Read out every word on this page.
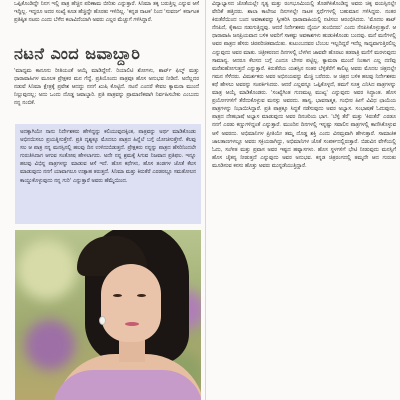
ಒಪ್ಪಿಕೊಂಡಿದ್ದೇ ನಿನಗ ಇಲ್ಲಿ ಪಾತ್ರ ಹೆಚ್ಚಿನ ಪರಿಣಾಮ ಬೀರಿತು ಎನ್ನುತ್ತಾರೆ. ಸಿನಿಮಾ ತಕ್ಕ ಬರುತ್ತಿಲ್ಲ ಎನ್ನುವ ಆಸೆ ಇದ್ದಿಲ್ಲ. ಇದ್ದರೂ ಅದರ ಸಂಖ್ಯೆ ಕೂಡ ಹೆಚ್ಚಿದ್ದೇ ಹೊರತು ಇಳಿದಿಲ್ಲ. 'ಕನ್ನಡ ನಾಟಕ' ನಿಂದ 'ಸುವರ್ಣ' ಕರ್ನಾಟಕ ಪ್ರತಿಷ್ಠಿತ ನಟರು ಎಂದು ಬೆಳೆದ ಕಲಾವಿದೆಯಾಗಿ ಅವರು ಎಲ್ಲರ ಮೆಚ್ಚುಗೆ ಗಳಿಸಿದ್ದಾರೆ.
ನಟನೆ ಎಂದ ಜವಾಬ್ದಾರಿ
'ಮಾಧ್ಯಮ ಕಾನೂನು ರೀತಿಯಂತೆ ಆಯ್ಕೆ ಮಾಡಿದ್ದೇನೆ. ರಿಯಾಲಿಟಿ ಶೋಗಳು, ಶಾರ್ಟ್ ಫಿಲ್ಮ್ ಮತ್ತು ಧಾರಾವಾಹಿಗಳ ಮೂಲಕ ಪ್ರೇಕ್ಷಕರ ಮನ ಗೆದ್ದೆ. ಪ್ರತಿಯೊಂದು ಪಾತ್ರವೂ ಹೊಸ ಅನುಭವ ನೀಡಿದೆ. ಅದೆಲ್ಲದರ ನಡುವೆ ಸಿನಿಮಾ ಕ್ಷೇತ್ರಕ್ಕೆ ಪ್ರವೇಶ ಆದದ್ದು ನನಗೆ ಖುಷಿ ಕೊಟ್ಟಿದೆ. ನಟನೆ ಎಂದರೆ ಕೇವಲ ಕ್ಯಾಮರಾ ಮುಂದೆ ನಿಲ್ಲುವುದಲ್ಲ; ಅದು ಒಂದು ದೊಡ್ಡ ಜವಾಬ್ದಾರಿ. ಪ್ರತಿ ಪಾತ್ರವನ್ನು ಪ್ರಾಮಾಣಿಕವಾಗಿ ನಿರ್ವಹಿಸಬೇಕು ಎಂಬುದು ನನ್ನ ನಂಬಿಕೆ.
ಅದಕ್ಕಾಗಿಯೇ ನಾನು ನಿರ್ದೇಶಕರು ಹೇಳಿದ್ದನ್ನು ಕಲಿಯುವುದಕ್ಕಿಂತ, ಪಾತ್ರವನ್ನು ಅರ್ಥ ಮಾಡಿಕೊಂಡು ಅಭಿನಯಿಸಲು ಪ್ರಯತ್ನಿಸುತ್ತೇನೆ. ಪ್ರತಿ ದೃಶ್ಯಕ್ಕೂ ಮೊದಲು ಪಾತ್ರದ ಹಿನ್ನೆಲೆ ಬಗ್ಗೆ ಯೋಚಿಸುತ್ತೇನೆ. ಕೆಲವು ಸಲ ಆ ಪಾತ್ರ ನನ್ನ ಮನಸ್ಸಿನಲ್ಲಿ ಹಲವು ದಿನ ಉಳಿದುಬಿಡುತ್ತದೆ. ಪ್ರೇಕ್ಷಕರು ನನ್ನನ್ನು ಪಾತ್ರದ ಹೆಸರಿನಿಂದಲೇ ಗುರುತಿಸಿದಾಗ ಆಗುವ ಸಂತೋಷ ಹೇಳಲಾಗದು. ಅದೇ ನನ್ನ ಶ್ರಮಕ್ಕೆ ಸಿಗುವ ನಿಜವಾದ ಪ್ರತಿಫಲ. ಇನ್ನೂ ಹಲವು ವಿಭಿನ್ನ ಪಾತ್ರಗಳನ್ನು ಮಾಡುವ ಆಸೆ ಇದೆ. ಹೊಸ ಕಥೆಗಳು, ಹೊಸ ತಂಡಗಳ ಜೊತೆ ಕೆಲಸ ಮಾಡುವುದು ನನಗೆ ಯಾವಾಗಲೂ ಉತ್ಸಾಹ ತರುತ್ತದೆ. ಸಿನಿಮಾ ಮತ್ತು ಕಿರುತೆರೆ ಎರಡರಲ್ಲೂ ಸಮತೋಲನ ಕಾಯ್ದುಕೊಳ್ಳುವುದು ನನ್ನ ಗುರಿ' ಎನ್ನುತ್ತಾರೆ ಅವರು ಹೆಮ್ಮೆಯಿಂದ.
ವಿದ್ಯಾಭ್ಯಾಸದ ಜೊತೆಯಲ್ಲೇ ನೃತ್ಯ ಮತ್ತು ರಂಗಭೂಮಿಯಲ್ಲಿ ತೊಡಗಿಸಿಕೊಂಡಿದ್ದ ಅವರು ಚಿಕ್ಕ ವಯಸ್ಸಿನಲ್ಲೇ ವೇದಿಕೆ ಹತ್ತಿದರು. ಶಾಲಾ ಕಾಲೇಜು ದಿನಗಳಲ್ಲೇ ನಾಟಕ ಸ್ಪರ್ಧೆಗಳಲ್ಲಿ ಬಹುಮಾನ ಗಳಿಸಿದ್ದರು. ನಂತರ ಕಿರುತೆರೆಯಿಂದ ಬಂದ ಅವಕಾಶವನ್ನು ಸ್ವೀಕರಿಸಿ ಧಾರಾವಾಹಿಯಲ್ಲಿ ನಟಿಸಲು ಆರಂಭಿಸಿದರು. 'ಮೊದಲ ಶಾಟ್ ನೆನಪಿದೆ, ಕೈಕಾಲು ನಡುಗುತ್ತಿದ್ದವು. ಆದರೆ ನಿರ್ದೇಶಕರು ಧೈರ್ಯ ತುಂಬಿದರು' ಎಂದು ನೆನಪಿಸಿಕೊಳ್ಳುತ್ತಾರೆ. ಆ ಧಾರಾವಾಹಿ ಜನಪ್ರಿಯವಾದ ಬಳಿಕ ಅವರಿಗೆ ಸಾಕಷ್ಟು ಅವಕಾಶಗಳು ಹುಡುಕಿಕೊಂಡು ಬಂದವು. ಮನೆ ಮನೆಗಳಲ್ಲಿ ಅವರ ಪಾತ್ರದ ಹೆಸರು ಚಿರಪರಿಚಿತವಾಯಿತು. ಕುಟುಂಬದವರ ಬೆಂಬಲ ಇಲ್ಲದಿದ್ದರೆ ಇದೆಲ್ಲ ಸಾಧ್ಯವಾಗುತ್ತಿರಲಿಲ್ಲ ಎನ್ನುವುದು ಅವರ ಮಾತು. ಚಿತ್ರೀಕರಣದ ದಿನಗಳಲ್ಲಿ ಬೆಳಗಿನ ಜಾವವೇ ಹೊರಟು ತಡರಾತ್ರಿ ಮನೆಗೆ ಮರಳುವುದು ಸಾಮಾನ್ಯ. ಆದರೂ ಕೆಲಸದ ಬಗ್ಗೆ ಎಂದೂ ಬೇಸರ ಪಟ್ಟಿಲ್ಲ. ಕ್ಯಾಮರಾ ಮುಂದೆ ನಿಂತಾಗ ಎಲ್ಲ ದಣಿವು ಮರೆತುಹೋಗುತ್ತದೆ ಎನ್ನುತ್ತಾರೆ. ಕಿರುತೆರೆಯ ಯಶಸ್ಸಿನ ನಂತರ ಬೆಳ್ಳಿತೆರೆಗೆ ಕಾಲಿಟ್ಟ ಅವರು ಮೊದಲ ಚಿತ್ರದಲ್ಲೇ ಗಮನ ಸೆಳೆದರು. ವಿಮರ್ಶಕರು ಅವರ ಅಭಿನಯವನ್ನು ಮೆಚ್ಚಿ ಬರೆದರು. ಆ ಚಿತ್ರದ ಬಳಿಕ ಹಲವು ನಿರ್ದೇಶಕರು ಕಥೆ ಹೇಳಲು ಅವರನ್ನು ಸಂಪರ್ಕಿಸಿದರು. ಆದರೆ ಎಲ್ಲವನ್ನೂ ಒಪ್ಪಿಕೊಳ್ಳದೆ, ತಮಗೆ ಸೂಕ್ತ ಎನಿಸಿದ ಪಾತ್ರಗಳನ್ನು ಮಾತ್ರ ಆಯ್ಕೆ ಮಾಡಿಕೊಂಡರು. 'ಸಂಖ್ಯೆಗಿಂತ ಗುಣಮಟ್ಟ ಮುಖ್ಯ' ಎನ್ನುವುದು ಅವರ ಸಿದ್ಧಾಂತ. ಹೊಸ ಪ್ರಯೋಗಗಳಿಗೆ ತೆರೆದುಕೊಳ್ಳುವ ಮನಸ್ಸು ಅವರದು. ಹಾಸ್ಯ, ಭಾವನಾತ್ಮಕ, ಗಂಭೀರ ಹೀಗೆ ವಿವಿಧ ಛಾಯೆಯ ಪಾತ್ರಗಳನ್ನು ನಿಭಾಯಿಸಿದ್ದಾರೆ. ಪ್ರತಿ ಪಾತ್ರಕ್ಕೂ ಸಿದ್ಧತೆ ನಡೆಸುವುದು ಅವರ ಅಭ್ಯಾಸ. ಸಂಭಾಷಣೆ ಓದುವುದು, ಪಾತ್ರದ ದೇಹಭಾಷೆ ಅಭ್ಯಾಸ ಮಾಡುವುದು ಅವರ ದಿನಚರಿಯ ಭಾಗ. 'ಬೆಳ್ಳಿ ತೆರೆ' ಮತ್ತು 'ಕಿರುತೆರೆ' ಎರಡೂ ನನಗೆ ಎರಡು ಕಣ್ಣುಗಳಿದ್ದಂತೆ ಎನ್ನುತ್ತಾರೆ. ಮುಂದಿನ ದಿನಗಳಲ್ಲಿ ಇನ್ನಷ್ಟು ಸವಾಲಿನ ಪಾತ್ರಗಳಲ್ಲಿ ಕಾಣಿಸಿಕೊಳ್ಳುವ ಆಸೆ ಅವರದು. ಅಭಿಮಾನಿಗಳ ಪ್ರೀತಿಯೇ ತಮ್ಮ ದೊಡ್ಡ ಶಕ್ತಿ ಎಂದು ವಿನಮ್ರವಾಗಿ ಹೇಳುತ್ತಾರೆ. ಸಾಮಾಜಿಕ ಜಾಲತಾಣಗಳಲ್ಲೂ ಅವರು ಸಕ್ರಿಯರಾಗಿದ್ದು, ಅಭಿಮಾನಿಗಳ ಜೊತೆ ಸಂಪರ್ಕದಲ್ಲಿರುತ್ತಾರೆ. ಬಿಡುವಿನ ವೇಳೆಯಲ್ಲಿ ಓದು, ಸಂಗೀತ ಮತ್ತು ಪ್ರವಾಸ ಅವರ ಇಷ್ಟದ ಹವ್ಯಾಸಗಳು. ಹೊಸ ಸ್ಥಳಗಳಿಗೆ ಭೇಟಿ ನೀಡುವುದು ಮನಸ್ಸಿಗೆ ಹೊಸ ಚೈತನ್ಯ ನೀಡುತ್ತದೆ ಎನ್ನುವುದು ಅವರ ಅನುಭವ. ಕನ್ನಡ ಚಿತ್ರರಂಗದಲ್ಲಿ ತಮ್ಮದೇ ಆದ ಗುರುತು ಮೂಡಿಸುವ ಕನಸು ಹೊತ್ತು ಅವರು ಮುನ್ನಡೆಯುತ್ತಿದ್ದಾರೆ.
